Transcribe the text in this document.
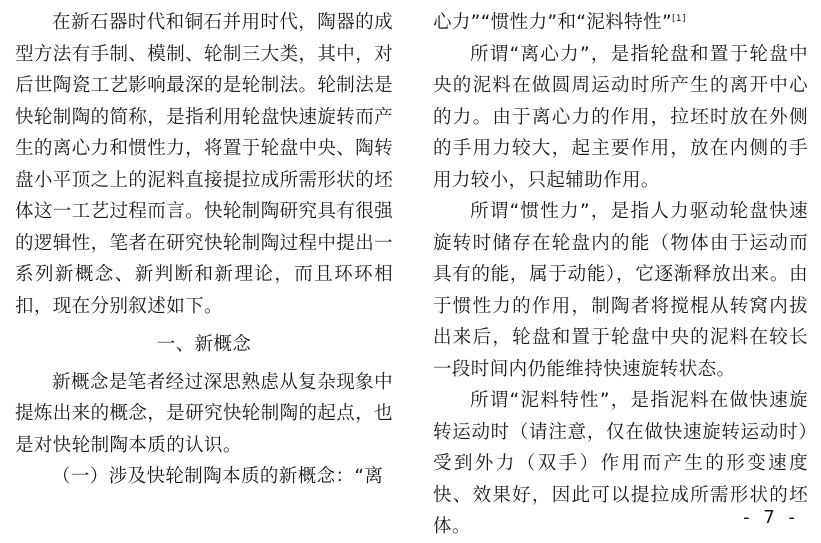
在新石器时代和铜石并用时代，陶器的成型方法有手制、模制、轮制三大类，其中，对后世陶瓷工艺影响最深的是轮制法。轮制法是快轮制陶的简称，是指利用轮盘快速旋转而产生的离心力和惯性力，将置于轮盘中央、陶转盘小平顶之上的泥料直接提拉成所需形状的坯体这一工艺过程而言。快轮制陶研究具有很强的逻辑性，笔者在研究快轮制陶过程中提出一系列新概念、新判断和新理论，而且环环相扣，现在分别叙述如下。

一、新概念

新概念是笔者经过深思熟虑从复杂现象中提炼出来的概念，是研究快轮制陶的起点，也是对快轮制陶本质的认识。

（一）涉及快轮制陶本质的新概念：“离

心力”“惯性力”和“泥料特性”[1]

所谓“离心力”，是指轮盘和置于轮盘中央的泥料在做圆周运动时所产生的离开中心的力。由于离心力的作用，拉坯时放在外侧的手用力较大，起主要作用，放在内侧的手用力较小，只起辅助作用。

所谓“惯性力”，是指人力驱动轮盘快速旋转时储存在轮盘内的能（物体由于运动而具有的能，属于动能），它逐渐释放出来。由于惯性力的作用，制陶者将搅棍从转窝内拔出来后，轮盘和置于轮盘中央的泥料在较长一段时间内仍能维持快速旋转状态。

所谓“泥料特性”，是指泥料在做快速旋转运动时（请注意，仅在做快速旋转运动时）受到外力（双手）作用而产生的形变速度快、效果好，因此可以提拉成所需形状的坯体。	- 7 -
